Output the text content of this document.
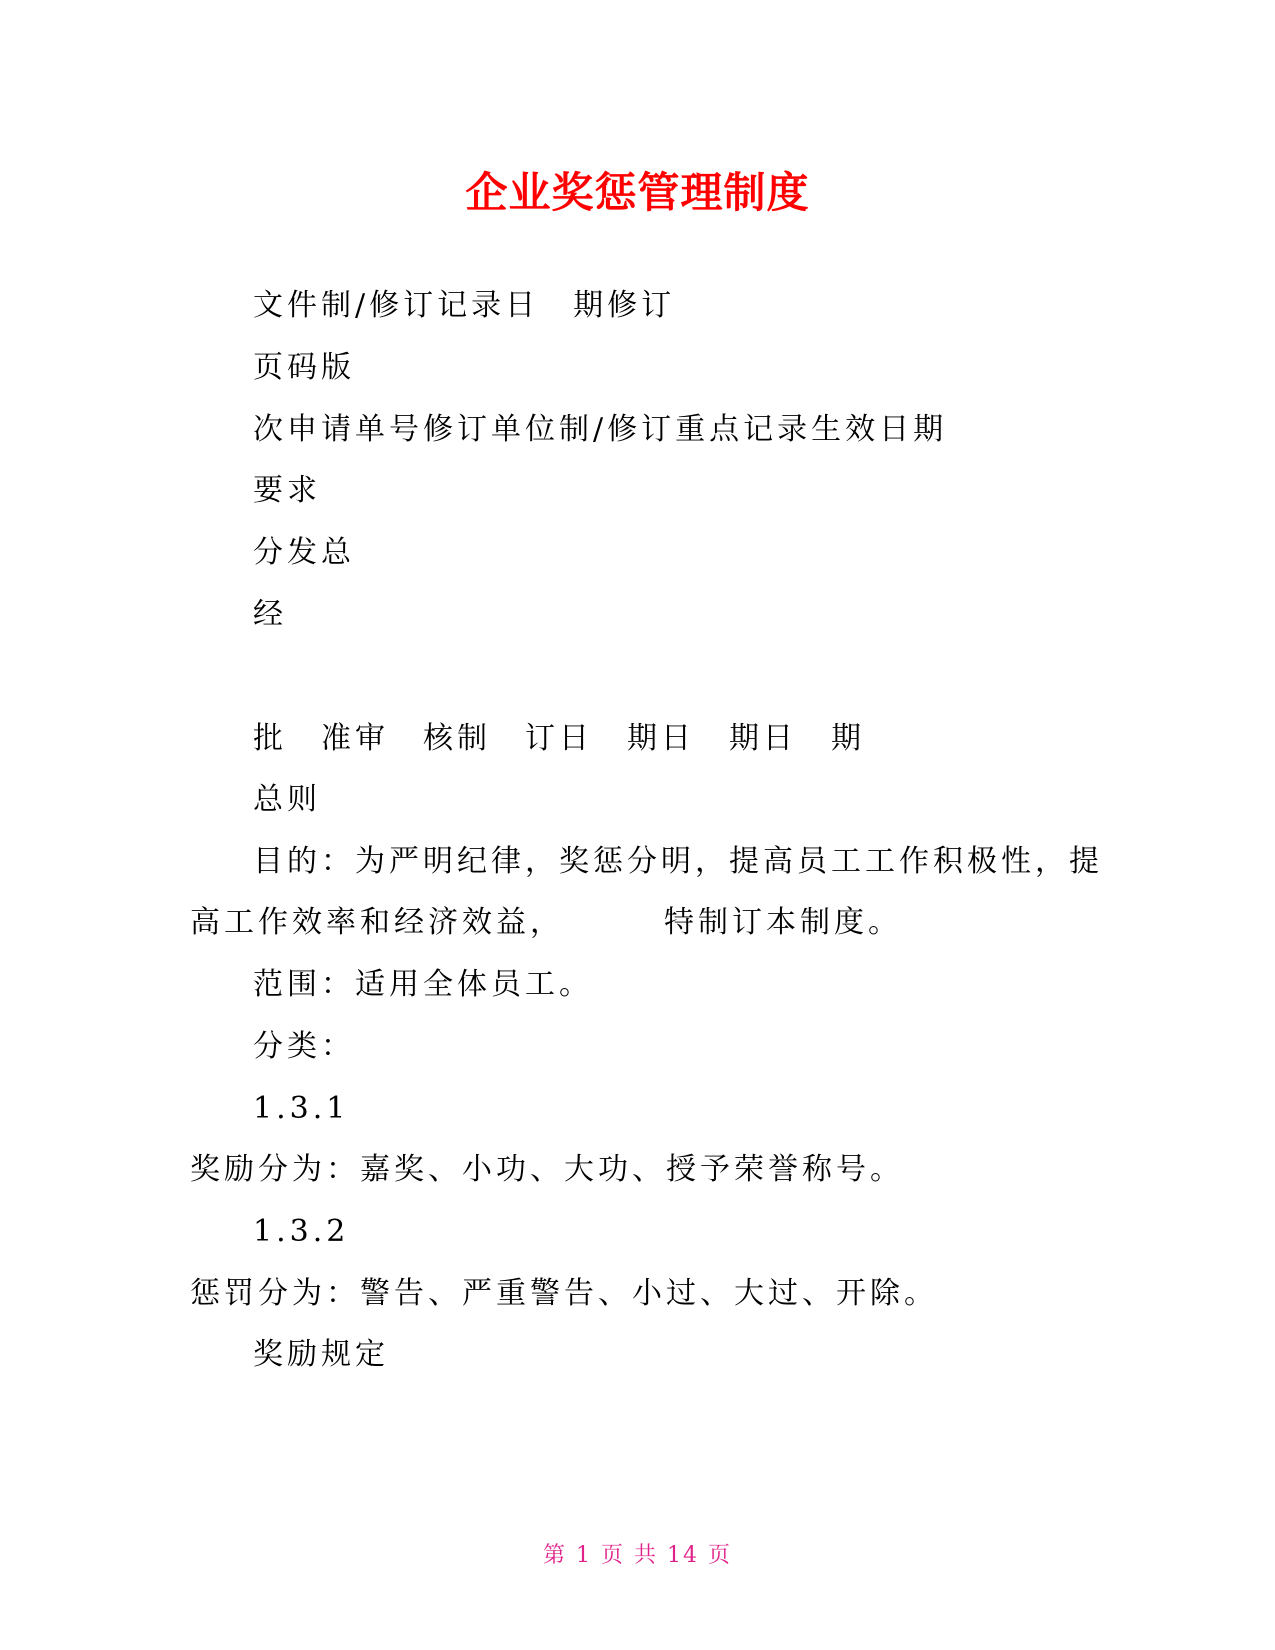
企业奖惩管理制度
文件制/修订记录日　期修订
页码版
次申请单号修订单位制/修订重点记录生效日期
要求
分发总
经
批 准审 核制 订日 期日 期日 期
总则
目的：为严明纪律，奖惩分明，提高员工工作积极性，提
高工作效率和经济效益，	特制订本制度。
范围：适用全体员工。
分类：
1.3.1
奖励分为：嘉奖、小功、大功、授予荣誉称号。
1.3.2
惩罚分为：警告、严重警告、小过、大过、开除。
奖励规定
第 1 页 共 14 页
